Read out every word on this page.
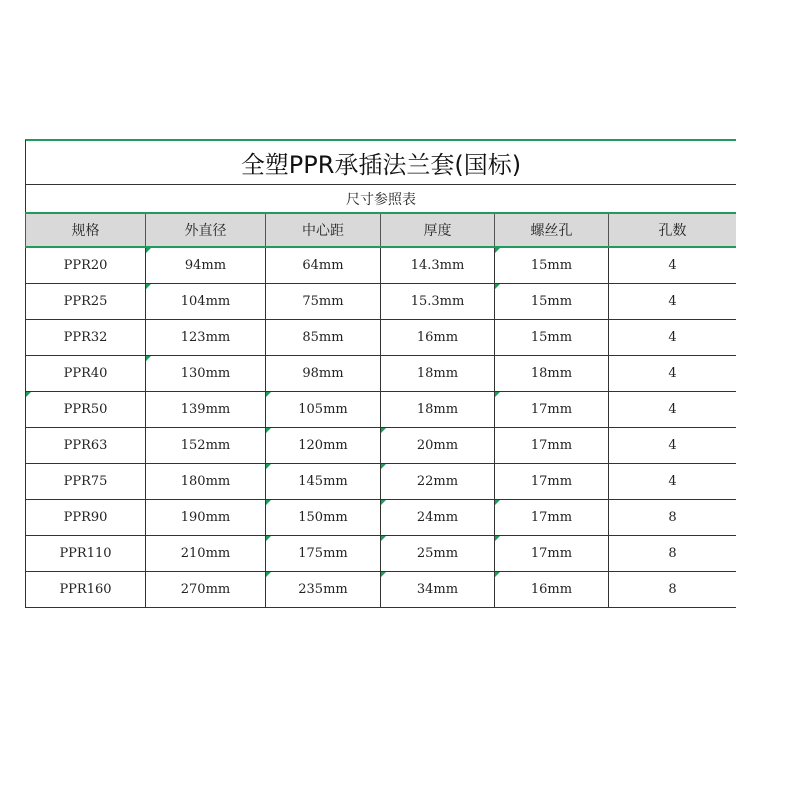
全塑PPR承插法兰套(国标)
尺寸参照表
规格	外直径	中心距	厚度	螺丝孔	孔数
PPR20	94mm	64mm	14.3mm	15mm	4
PPR25	104mm	75mm	15.3mm	15mm	4
PPR32	123mm	85mm	16mm	15mm	4
PPR40	130mm	98mm	18mm	18mm	4
PPR50	139mm	105mm	18mm	17mm	4
PPR63	152mm	120mm	20mm	17mm	4
PPR75	180mm	145mm	22mm	17mm	4
PPR90	190mm	150mm	24mm	17mm	8
PPR110	210mm	175mm	25mm	17mm	8
PPR160	270mm	235mm	34mm	16mm	8
